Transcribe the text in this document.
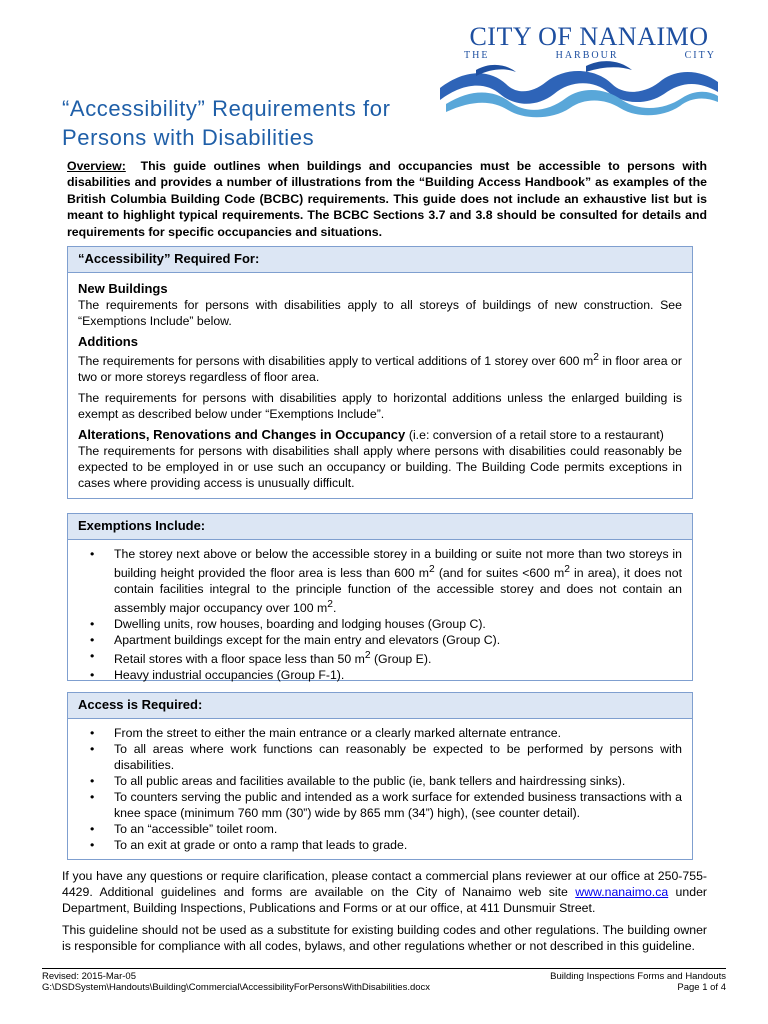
CITY OF NANAIMO
THE	HARBOUR	CITY
“Accessibility” Requirements for
Persons with Disabilities
Overview: This guide outlines when buildings and occupancies must be accessible to persons with disabilities and provides a number of illustrations from the “Building Access Handbook” as examples of the British Columbia Building Code (BCBC) requirements. This guide does not include an exhaustive list but is meant to highlight typical requirements. The BCBC Sections 3.7 and 3.8 should be consulted for details and requirements for specific occupancies and situations.
“Accessibility” Required For:
New Buildings

The requirements for persons with disabilities apply to all storeys of buildings of new construction. See “Exemptions Include” below.

Additions

The requirements for persons with disabilities apply to vertical additions of 1 storey over 600 $m^2$ in floor area or two or more storeys regardless of floor area.

The requirements for persons with disabilities apply to horizontal additions unless the enlarged building is exempt as described below under “Exemptions Include”.

Alterations, Renovations and Changes in Occupancy (i.e: conversion of a retail store to a restaurant)

The requirements for persons with disabilities shall apply where persons with disabilities could reasonably be expected to be employed in or use such an occupancy or building. The Building Code permits exceptions in cases where providing access is unusually difficult.

Exemptions Include:
• The storey next above or below the accessible storey in a building or suite not more than two storeys in building height provided the floor area is less than 600 $m^2$ (and for suites <600 $m^2$ in area), it does not contain facilities integral to the principle function of the accessible storey and does not contain an assembly major occupancy over 100 $m^2$.
• Dwelling units, row houses, boarding and lodging houses (Group C).
• Apartment buildings except for the main entry and elevators (Group C).
• Retail stores with a floor space less than 50 $m^2$ (Group E).
• Heavy industrial occupancies (Group F-1).
Access is Required:
• From the street to either the main entrance or a clearly marked alternate entrance.
• To all areas where work functions can reasonably be expected to be performed by persons with disabilities.
• To all public areas and facilities available to the public (ie, bank tellers and hairdressing sinks).
• To counters serving the public and intended as a work surface for extended business transactions with a knee space (minimum 760 mm (30”) wide by 865 mm (34”) high), (see counter detail).
• To an “accessible” toilet room.
• To an exit at grade or onto a ramp that leads to grade.

If you have any questions or require clarification, please contact a commercial plans reviewer at our office at 250-755-4429. Additional guidelines and forms are available on the City of Nanaimo web site www.nanaimo.ca under Department, Building Inspections, Publications and Forms or at our office, at 411 Dunsmuir Street.

This guideline should not be used as a substitute for existing building codes and other regulations. The building owner is responsible for compliance with all codes, bylaws, and other regulations whether or not described in this guideline.

Revised: 2015-Mar-05
G:\DSDSystem\Handouts\Building\Commercial\AccessibilityForPersonsWithDisabilities.docx
Building Inspections Forms and Handouts
Page 1 of 4
